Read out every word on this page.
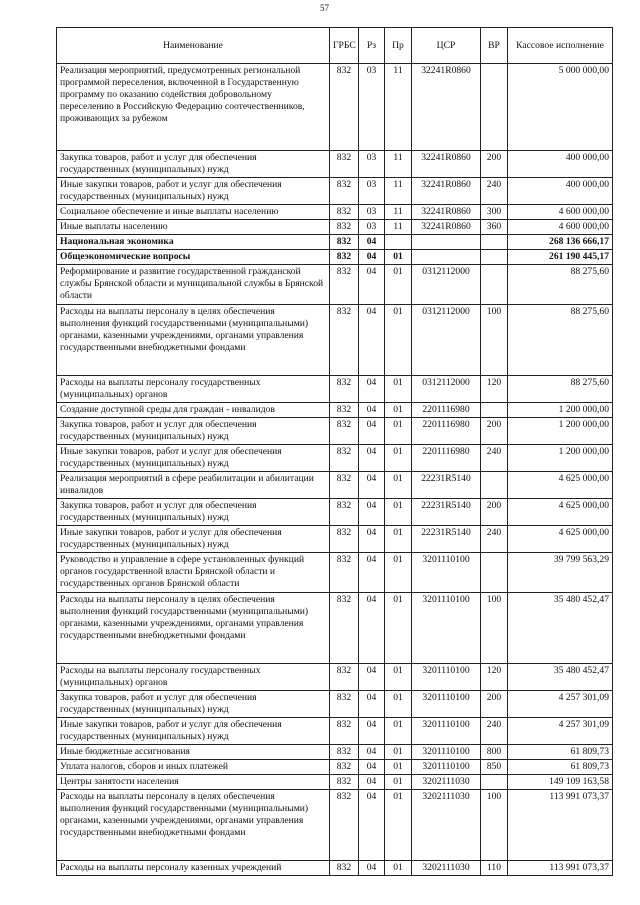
57
Наименование	ГРБС	Рз	Пр	ЦСР	ВР	Кассовое исполнение
Реализация мероприятий, предусмотренных региональной программой переселения, включенной в Государственную программу по оказанию содействия добровольному переселению в Российскую Федерацию соотечественников, проживающих за рубежом	832	03	11	32241R0860		5 000 000,00
Закупка товаров, работ и услуг для обеспечения государственных (муниципальных) нужд	832	03	11	32241R0860	200	400 000,00
Иные закупки товаров, работ и услуг для обеспечения государственных (муниципальных) нужд	832	03	11	32241R0860	240	400 000,00
Социальное обеспечение и иные выплаты населению	832	03	11	32241R0860	300	4 600 000,00
Иные выплаты населению	832	03	11	32241R0860	360	4 600 000,00
Национальная экономика	832	04				268 136 666,17
Общеэкономические вопросы	832	04	01			261 190 445,17
Реформирование и развитие государственной гражданской службы Брянской области и муниципальной службы в Брянской области	832	04	01	0312112000		88 275,60
Расходы на выплаты персоналу в целях обеспечения выполнения функций государственными (муниципальными) органами, казенными учреждениями, органами управления государственными внебюджетными фондами	832	04	01	0312112000	100	88 275,60
Расходы на выплаты персоналу государственных (муниципальных) органов	832	04	01	0312112000	120	88 275,60
Создание доступной среды для граждан - инвалидов	832	04	01	2201116980		1 200 000,00
Закупка товаров, работ и услуг для обеспечения государственных (муниципальных) нужд	832	04	01	2201116980	200	1 200 000,00
Иные закупки товаров, работ и услуг для обеспечения государственных (муниципальных) нужд	832	04	01	2201116980	240	1 200 000,00
Реализация мероприятий в сфере реабилитации и абилитации инвалидов	832	04	01	22231R5140		4 625 000,00
Закупка товаров, работ и услуг для обеспечения государственных (муниципальных) нужд	832	04	01	22231R5140	200	4 625 000,00
Иные закупки товаров, работ и услуг для обеспечения государственных (муниципальных) нужд	832	04	01	22231R5140	240	4 625 000,00
Руководство и управление в сфере установленных функций органов государственной власти Брянской области и государственных органов Брянской области	832	04	01	3201110100		39 799 563,29
Расходы на выплаты персоналу в целях обеспечения выполнения функций государственными (муниципальными) органами, казенными учреждениями, органами управления государственными внебюджетными фондами	832	04	01	3201110100	100	35 480 452,47
Расходы на выплаты персоналу государственных (муниципальных) органов	832	04	01	3201110100	120	35 480 452,47
Закупка товаров, работ и услуг для обеспечения государственных (муниципальных) нужд	832	04	01	3201110100	200	4 257 301,09
Иные закупки товаров, работ и услуг для обеспечения государственных (муниципальных) нужд	832	04	01	3201110100	240	4 257 301,09
Иные бюджетные ассигнования	832	04	01	3201110100	800	61 809,73
Уплата налогов, сборов и иных платежей	832	04	01	3201110100	850	61 809,73
Центры занятости населения	832	04	01	3202111030		149 109 163,58
Расходы на выплаты персоналу в целях обеспечения выполнения функций государственными (муниципальными) органами, казенными учреждениями, органами управления государственными внебюджетными фондами	832	04	01	3202111030	100	113 991 073,37
Расходы на выплаты персоналу казенных учреждений	832	04	01	3202111030	110	113 991 073,37
